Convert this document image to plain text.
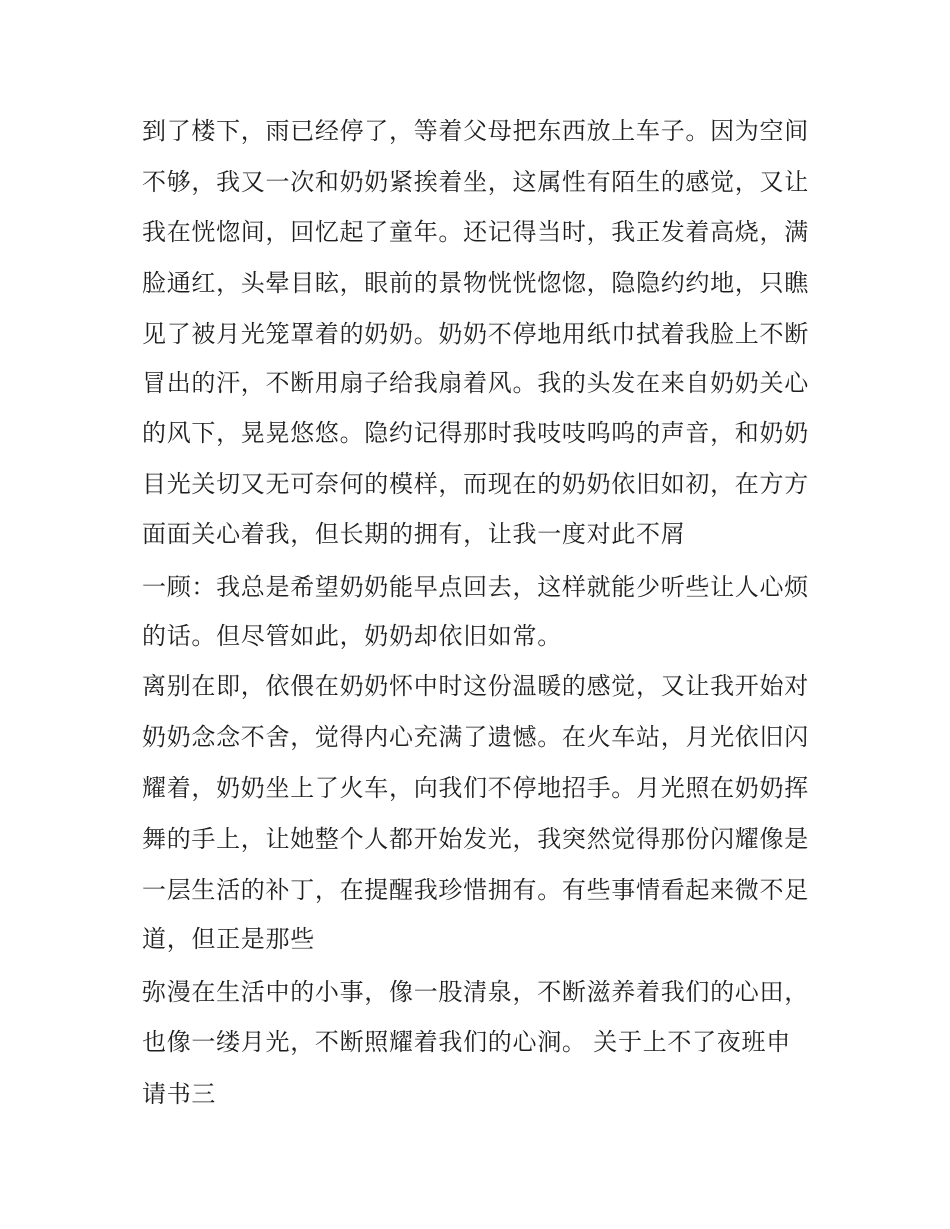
到了楼下，雨已经停了，等着父母把东西放上车子。因为空间
不够，我又一次和奶奶紧挨着坐，这属性有陌生的感觉，又让
我在恍惚间，回忆起了童年。还记得当时，我正发着高烧，满
脸通红，头晕目眩，眼前的景物恍恍惚惚，隐隐约约地，只瞧
见了被月光笼罩着的奶奶。奶奶不停地用纸巾拭着我脸上不断
冒出的汗，不断用扇子给我扇着风。我的头发在来自奶奶关心
的风下，晃晃悠悠。隐约记得那时我吱吱呜呜的声音，和奶奶
目光关切又无可奈何的模样，而现在的奶奶依旧如初，在方方
面面关心着我，但长期的拥有，让我一度对此不屑
一顾：我总是希望奶奶能早点回去，这样就能少听些让人心烦
的话。但尽管如此，奶奶却依旧如常。
离别在即，依偎在奶奶怀中时这份温暖的感觉，又让我开始对
奶奶念念不舍，觉得内心充满了遗憾。在火车站，月光依旧闪
耀着，奶奶坐上了火车，向我们不停地招手。月光照在奶奶挥
舞的手上，让她整个人都开始发光，我突然觉得那份闪耀像是
一层生活的补丁，在提醒我珍惜拥有。有些事情看起来微不足
道，但正是那些
弥漫在生活中的小事，像一股清泉，不断滋养着我们的心田，
也像一缕月光，不断照耀着我们的心涧。 关于上不了夜班申
请书三
